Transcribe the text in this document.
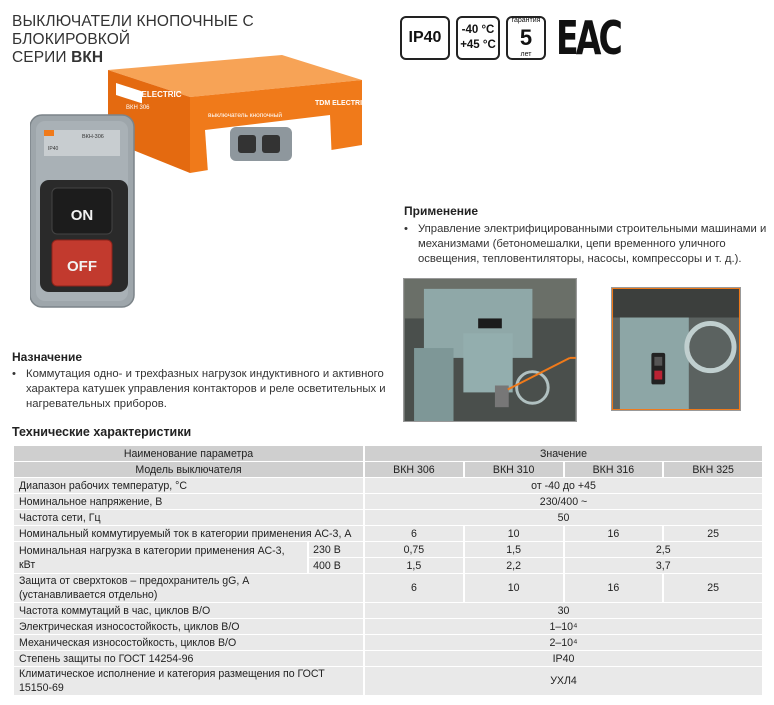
ВЫКЛЮЧАТЕЛИ КНОПОЧНЫЕ С БЛОКИРОВКОЙ
СЕРИИ ВКН
IP40 -40 °C
+45 °C
гарантия
5
лет EAC
TDM ELECTRIC
ВКН 306
ВКН 306
TDM ELECTRIC
выключатель кнопочный
ВКН-306
IP40
ON
OFF
Применение
• Управление электрифицированными строительными машинами и механизмами (бетономешалки, цепи временного уличного освещения, тепловентиляторы, насосы, компрессоры и т. д.).
Назначение
• Коммутация одно- и трехфазных нагрузок индуктивного и активного характера катушек управления контакторов и реле осветительных и нагревательных приборов.
Технические характеристики
Наименование параметра		Значение			
Модель выключателя		ВКН 306	ВКН 310	ВКН 316	ВКН 325
Диапазон рабочих температур, °С		от -40 до +45			
Номинальное напряжение, В		230/400 ~			
Частота сети, Гц		50			
Номинальный коммутируемый ток в категории применения АС-3, А		6	10	16	25
Номинальная нагрузка в категории применения АС-3, кВт	230 В	0,75	1,5	2,5	
	400 В	1,5	2,2	3,7	

Защита от сверхтоков – предохранитель gG, А
(устанавливается отдельно)		6	10	16	25
Частота коммутаций в час, циклов В/О		30			
Электрическая износостойкость, циклов В/О		1–10⁴			
Механическая износостойкость, циклов В/О		2–10⁴			
Степень защиты по ГОСТ 14254-96		IP40			
Климатическое исполнение и категория размещения по ГОСТ 15150-69		УХЛ4			
